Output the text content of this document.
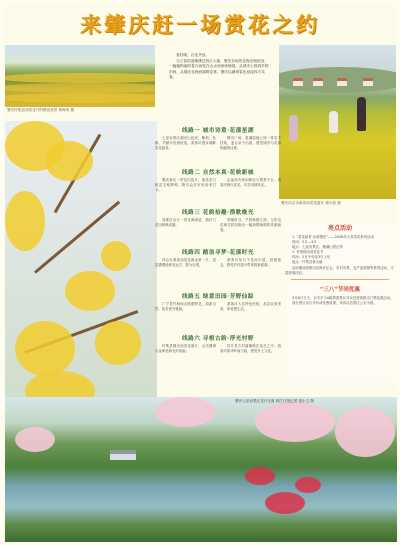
来肇庆赶一场赏花之约
肇庆怀集县油菜花开的梯田美景 黄海涛 摄

春回暖，百花齐放。

当立春的浪潮拂过西江大地，肇庆各地的花海竞相绽放，一幅幅绚丽的春日画卷在山水间徐徐铺展。从城市公园到乡野田间，从梯田花海到湖畔花林，肇庆以满城春色迎接四方宾客。

肇庆四会市黄岗油菜花盛开 谭永新 摄
线路一 城市诗意·花漾星湖

七星岩景区湖光山色间，紫荆、杜鹃、羊蹄甲竞相绽放，游客可漫步湖畔赏花踏青。

牌坊广场、星湖湿地公园一带花木扶疏，适合亲子出游，感受城市与花海相融的诗意。

线路二 自然本真·花映新城

肇庆新区一带花田连片，油菜花与桃花交相辉映，吸引众多市民前来打卡。

沿途设有休闲驿站与观景平台，游客可骑行赏花，尽享田园风光。

线路三 花韵拾趣·渔歌晚光

高要区沿江一带花海绵延，渔村与花田相映成趣。

傍晚时分，夕阳映照江面，与岸边花海共同勾勒出一幅渔歌晚唱的美丽画卷。

线路四 踏浪寻梦·花漾时光

四会市黄岗油菜花海金黄一片，层层叠叠延伸至远方，蔚为壮观。

游客可穿行于花间小道，拍照留念，感受乡村振兴带来的新面貌。

线路五 绿意田园·芳野仙踪

广宁县竹海间点缀着野花，清新自然，宛若世外桃源。

游客可入住特色民宿，品尝农家美食，体验慢生活。

线路六 寻根古韵·浮光村野

怀集县梯田油菜花盛开，山峦叠翠与金黄花海交织成画。

封开县古村落掩映在花丛之中，游客可探寻岭南古韵，感受乡土文化。

亮点活动

1. “赏花踏青·乐游肇庆”——2026年元宵赏花系列活动

时间：2月—3月

地点：七星岩景区、鼎湖山景区等

2. 怀集梯田油菜花节

时间：2月中旬至3月上旬

地点：怀集县桥头镇

活动期间将推出花海音乐会、乡村市集、农产品展销等系列活动，丰富游客体验。

“三八”节同优惠

3月8日当天，全市多个A级旅游景区对女性游客推出门票优惠活动。

部分景区实行半价或免票政策，具体以各景区公告为准。

肇庆七星岩景区花开正盛 西江日报记者 梁小文 摄
